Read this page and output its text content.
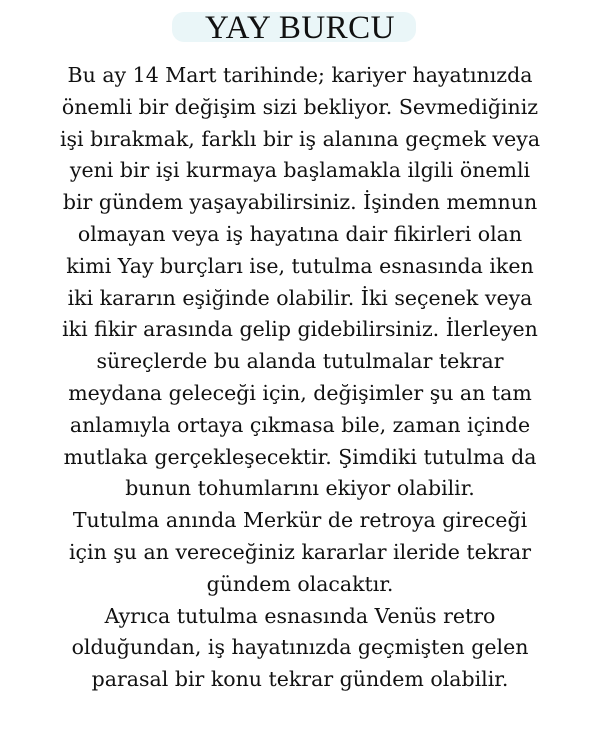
YAY BURCU
Bu ay 14 Mart tarihinde; kariyer hayatınızda
önemli bir değişim sizi bekliyor. Sevmediğiniz
işi bırakmak, farklı bir iş alanına geçmek veya
yeni bir işi kurmaya başlamakla ilgili önemli
bir gündem yaşayabilirsiniz. İşinden memnun
olmayan veya iş hayatına dair fikirleri olan
kimi Yay burçları ise, tutulma esnasında iken
iki kararın eşiğinde olabilir. İki seçenek veya
iki fikir arasında gelip gidebilirsiniz. İlerleyen
süreçlerde bu alanda tutulmalar tekrar
meydana geleceği için, değişimler şu an tam
anlamıyla ortaya çıkmasa bile, zaman içinde
mutlaka gerçekleşecektir. Şimdiki tutulma da
bunun tohumlarını ekiyor olabilir.
Tutulma anında Merkür de retroya gireceği
için şu an vereceğiniz kararlar ileride tekrar
gündem olacaktır.
Ayrıca tutulma esnasında Venüs retro
olduğundan, iş hayatınızda geçmişten gelen
parasal bir konu tekrar gündem olabilir.
